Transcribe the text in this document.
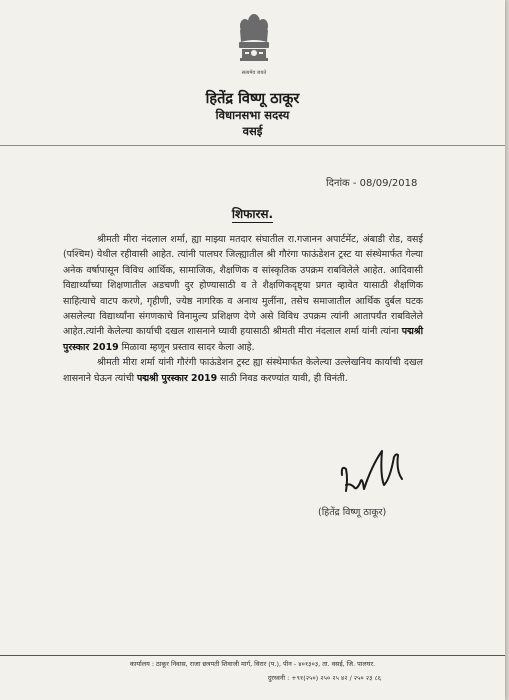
सत्यमेव जयते
हितेंद्र विष्णू ठाकूर
विधानसभा सदस्य
वसई
दिनांक - 08/09/2018
शिफारस.

श्रीमती मीरा नंदलाल शर्मा, ह्या माझ्या मतदार संघातील रा.गजानन अपार्टमेंट, अंबाडी रोड, वसई (पश्चिम) येथील रहीवासी आहेत. त्यांनी पालघर जिल्ह्यातील श्री गौरंगा फाऊंडेशन ट्रस्ट या संस्थेमार्फत गेल्या अनेक वर्षापासून विविध आर्थिक, सामाजिक, शैक्षणिक व सांस्कृतिक उपक्रम राबविलेले आहेत. आदिवासी विद्यार्थ्यांच्या शिक्षणातील अडचणी दुर होण्यासाठी व ते शैक्षणिकदृष्ट्या प्रगत व्हावेत यासाठी शैक्षणिक साहित्याचे वाटप करणे, गृहीणी, ज्येष्ठ नागरिक व अनाथ मुलींना, तसेच समाजातील आर्थिक दुर्बल घटक असलेल्या विद्यार्थ्यांना संगणकाचे विनामुल्य प्रशिक्षण देणे असे विविध उपक्रम त्यांनी आतापर्यंत राबविलेले आहेत.त्यांनी केलेल्या कार्याची दखल शासनाने घ्यावी हयासाठी श्रीमती मीरा नंदलाल शर्मा यांनी त्यांना पद्मश्री पुरस्कार 2019 मिळावा म्हणून प्रस्ताव सादर केला आहे.

श्रीमती मीरा शर्मा यांनी गौरंगी फाऊंडेशन ट्रस्ट ह्या संस्थेमार्फत केलेल्या उल्लेखनिय कार्याची दखल शासनाने घेऊन त्यांची पद्मश्री पुरस्कार 2019 साठी निवड करण्यांत यावी, ही विनंती.

(हितेंद्र विष्णू ठाकूर)
कार्यालय : ठाकूर निवास, राजा छत्रपती शिवाजी मार्ग, विरार (प.), पीन - ४०१३०३, ता. वसई, जि. पालघर.
दुरध्वनी : +९१(२५०) २५० २५ ४२ / २५० २३ ८६
